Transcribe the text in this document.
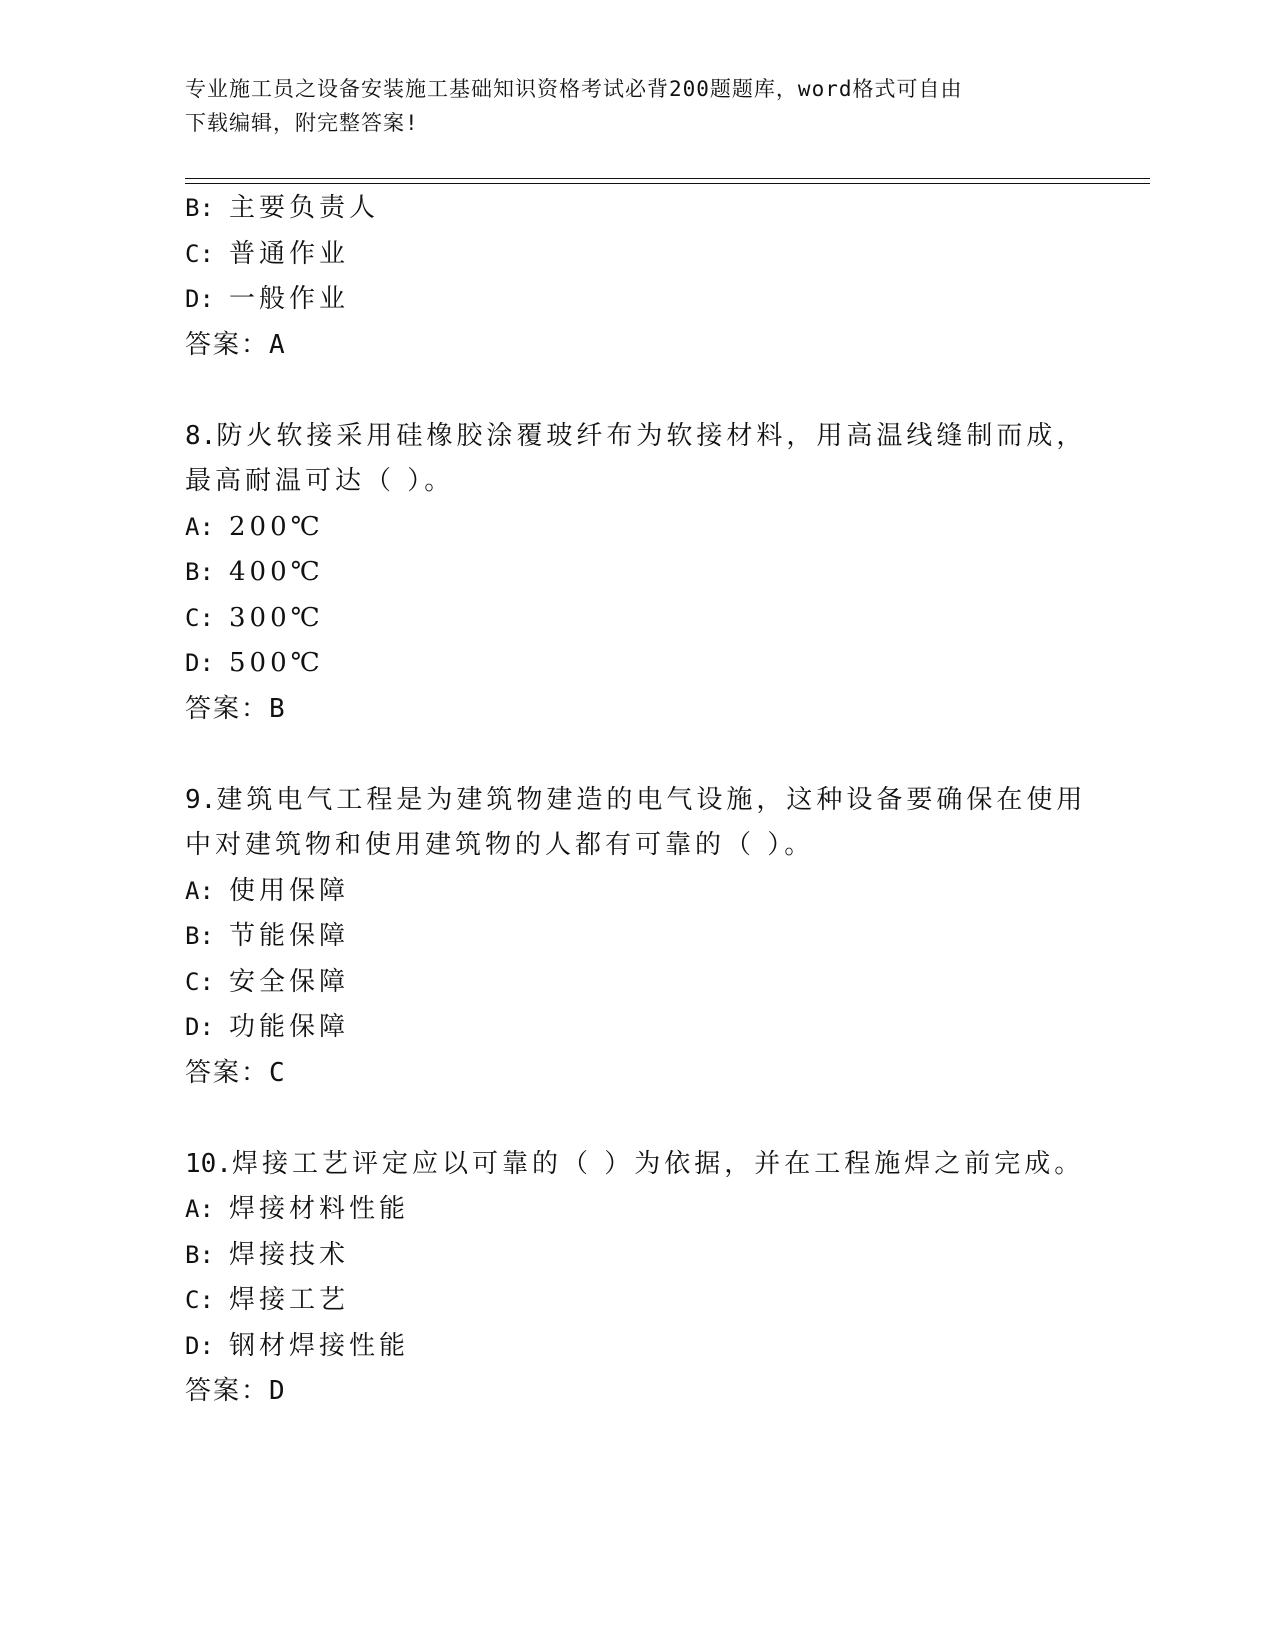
专业施工员之设备安装施工基础知识资格考试必背200题题库，word格式可自由
下载编辑，附完整答案!
B: 主要负责人
C: 普通作业
D: 一般作业
答案：A
8.防火软接采用硅橡胶涂覆玻纤布为软接材料，用高温线缝制而成，
最高耐温可达（ ）。
A: 200℃
B: 400℃
C: 300℃
D: 500℃
答案：B
9.建筑电气工程是为建筑物建造的电气设施，这种设备要确保在使用
中对建筑物和使用建筑物的人都有可靠的（ ）。
A: 使用保障
B: 节能保障
C: 安全保障
D: 功能保障
答案：C
10.焊接工艺评定应以可靠的（ ）为依据，并在工程施焊之前完成。
A: 焊接材料性能
B: 焊接技术
C: 焊接工艺
D: 钢材焊接性能
答案：D
